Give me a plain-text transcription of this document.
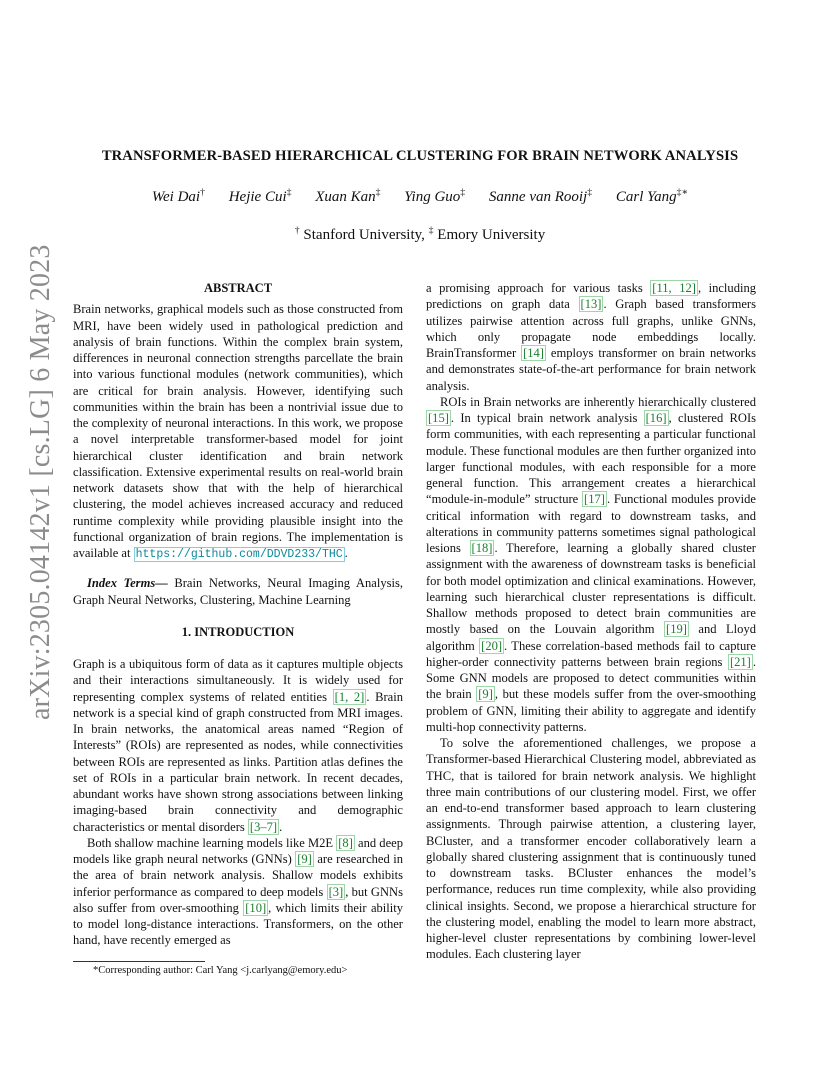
arXiv:2305.04142v1 [cs.LG] 6 May 2023
TRANSFORMER-BASED HIERARCHICAL CLUSTERING FOR BRAIN NETWORK ANALYSIS
Wei Dai† Hejie Cui‡ Xuan Kan‡ Ying Guo‡ Sanne van Rooij‡ Carl Yang‡∗
† Stanford University, ‡ Emory University
ABSTRACT

Brain networks, graphical models such as those constructed from MRI, have been widely used in pathological prediction and analysis of brain functions. Within the complex brain system, differences in neuronal connection strengths parcellate the brain into various functional modules (network communities), which are critical for brain analysis. However, identifying such communities within the brain has been a nontrivial issue due to the complexity of neuronal interactions. In this work, we propose a novel interpretable transformer-based model for joint hierarchical cluster identification and brain network classification. Extensive experimental results on real-world brain network datasets show that with the help of hierarchical clustering, the model achieves increased accuracy and reduced runtime complexity while providing plausible insight into the functional organization of brain regions. The implementation is available at https://github.com/DDVD233/THC .

Index Terms— Brain Networks, Neural Imaging Analysis, Graph Neural Networks, Clustering, Machine Learning

1. INTRODUCTION

Graph is a ubiquitous form of data as it captures multiple objects and their interactions simultaneously. It is widely used for representing complex systems of related entities [1, 2] . Brain network is a special kind of graph constructed from MRI images. In brain networks, the anatomical areas named “Region of Interests” (ROIs) are represented as nodes, while connectivities between ROIs are represented as links. Partition atlas defines the set of ROIs in a particular brain network. In recent decades, abundant works have shown strong associations between linking imaging-based brain connectivity and demographic characteristics or mental disorders [3–7] .

Both shallow machine learning models like M2E [8] and deep models like graph neural networks (GNNs) [9] are researched in the area of brain network analysis. Shallow models exhibits inferior performance as compared to deep models [3] , but GNNs also suffer from over-smoothing [10] , which limits their ability to model long-distance interactions. Transformers, on the other hand, have recently emerged as

a promising approach for various tasks [11, 12] , including predictions on graph data [13] . Graph based transformers utilizes pairwise attention across full graphs, unlike GNNs, which only propagate node embeddings locally. BrainTransformer [14] employs transformer on brain networks and demonstrates state-of-the-art performance for brain network analysis.

ROIs in Brain networks are inherently hierarchically clustered [15] . In typical brain network analysis [16] , clustered ROIs form communities, with each representing a particular functional module. These functional modules are then further organized into larger functional modules, with each responsible for a more general function. This arrangement creates a hierarchical “module-in-module” structure [17] . Functional modules provide critical information with regard to downstream tasks, and alterations in community patterns sometimes signal pathological lesions [18] . Therefore, learning a globally shared cluster assignment with the awareness of downstream tasks is beneficial for both model optimization and clinical examinations. However, learning such hierarchical cluster representations is difficult. Shallow methods proposed to detect brain communities are mostly based on the Louvain algorithm [19] and Lloyd algorithm [20] . These correlation-based methods fail to capture higher-order connectivity patterns between brain regions [21] . Some GNN models are proposed to detect communities within the brain [9] , but these models suffer from the over-smoothing problem of GNN, limiting their ability to aggregate and identify multi-hop connectivity patterns.

To solve the aforementioned challenges, we propose a Transformer-based Hierarchical Clustering model, abbreviated as THC, that is tailored for brain network analysis. We highlight three main contributions of our clustering model. First, we offer an end-to-end transformer based approach to learn clustering assignments. Through pairwise attention, a clustering layer, BCluster, and a transformer encoder collaboratively learn a globally shared clustering assignment that is continuously tuned to downstream tasks. BCluster enhances the model’s performance, reduces run time complexity, while also providing clinical insights. Second, we propose a hierarchical structure for the clustering model, enabling the model to learn more abstract, higher-level cluster representations by combining lower-level modules. Each clustering layer

*Corresponding author: Carl Yang <j.carlyang@emory.edu>
